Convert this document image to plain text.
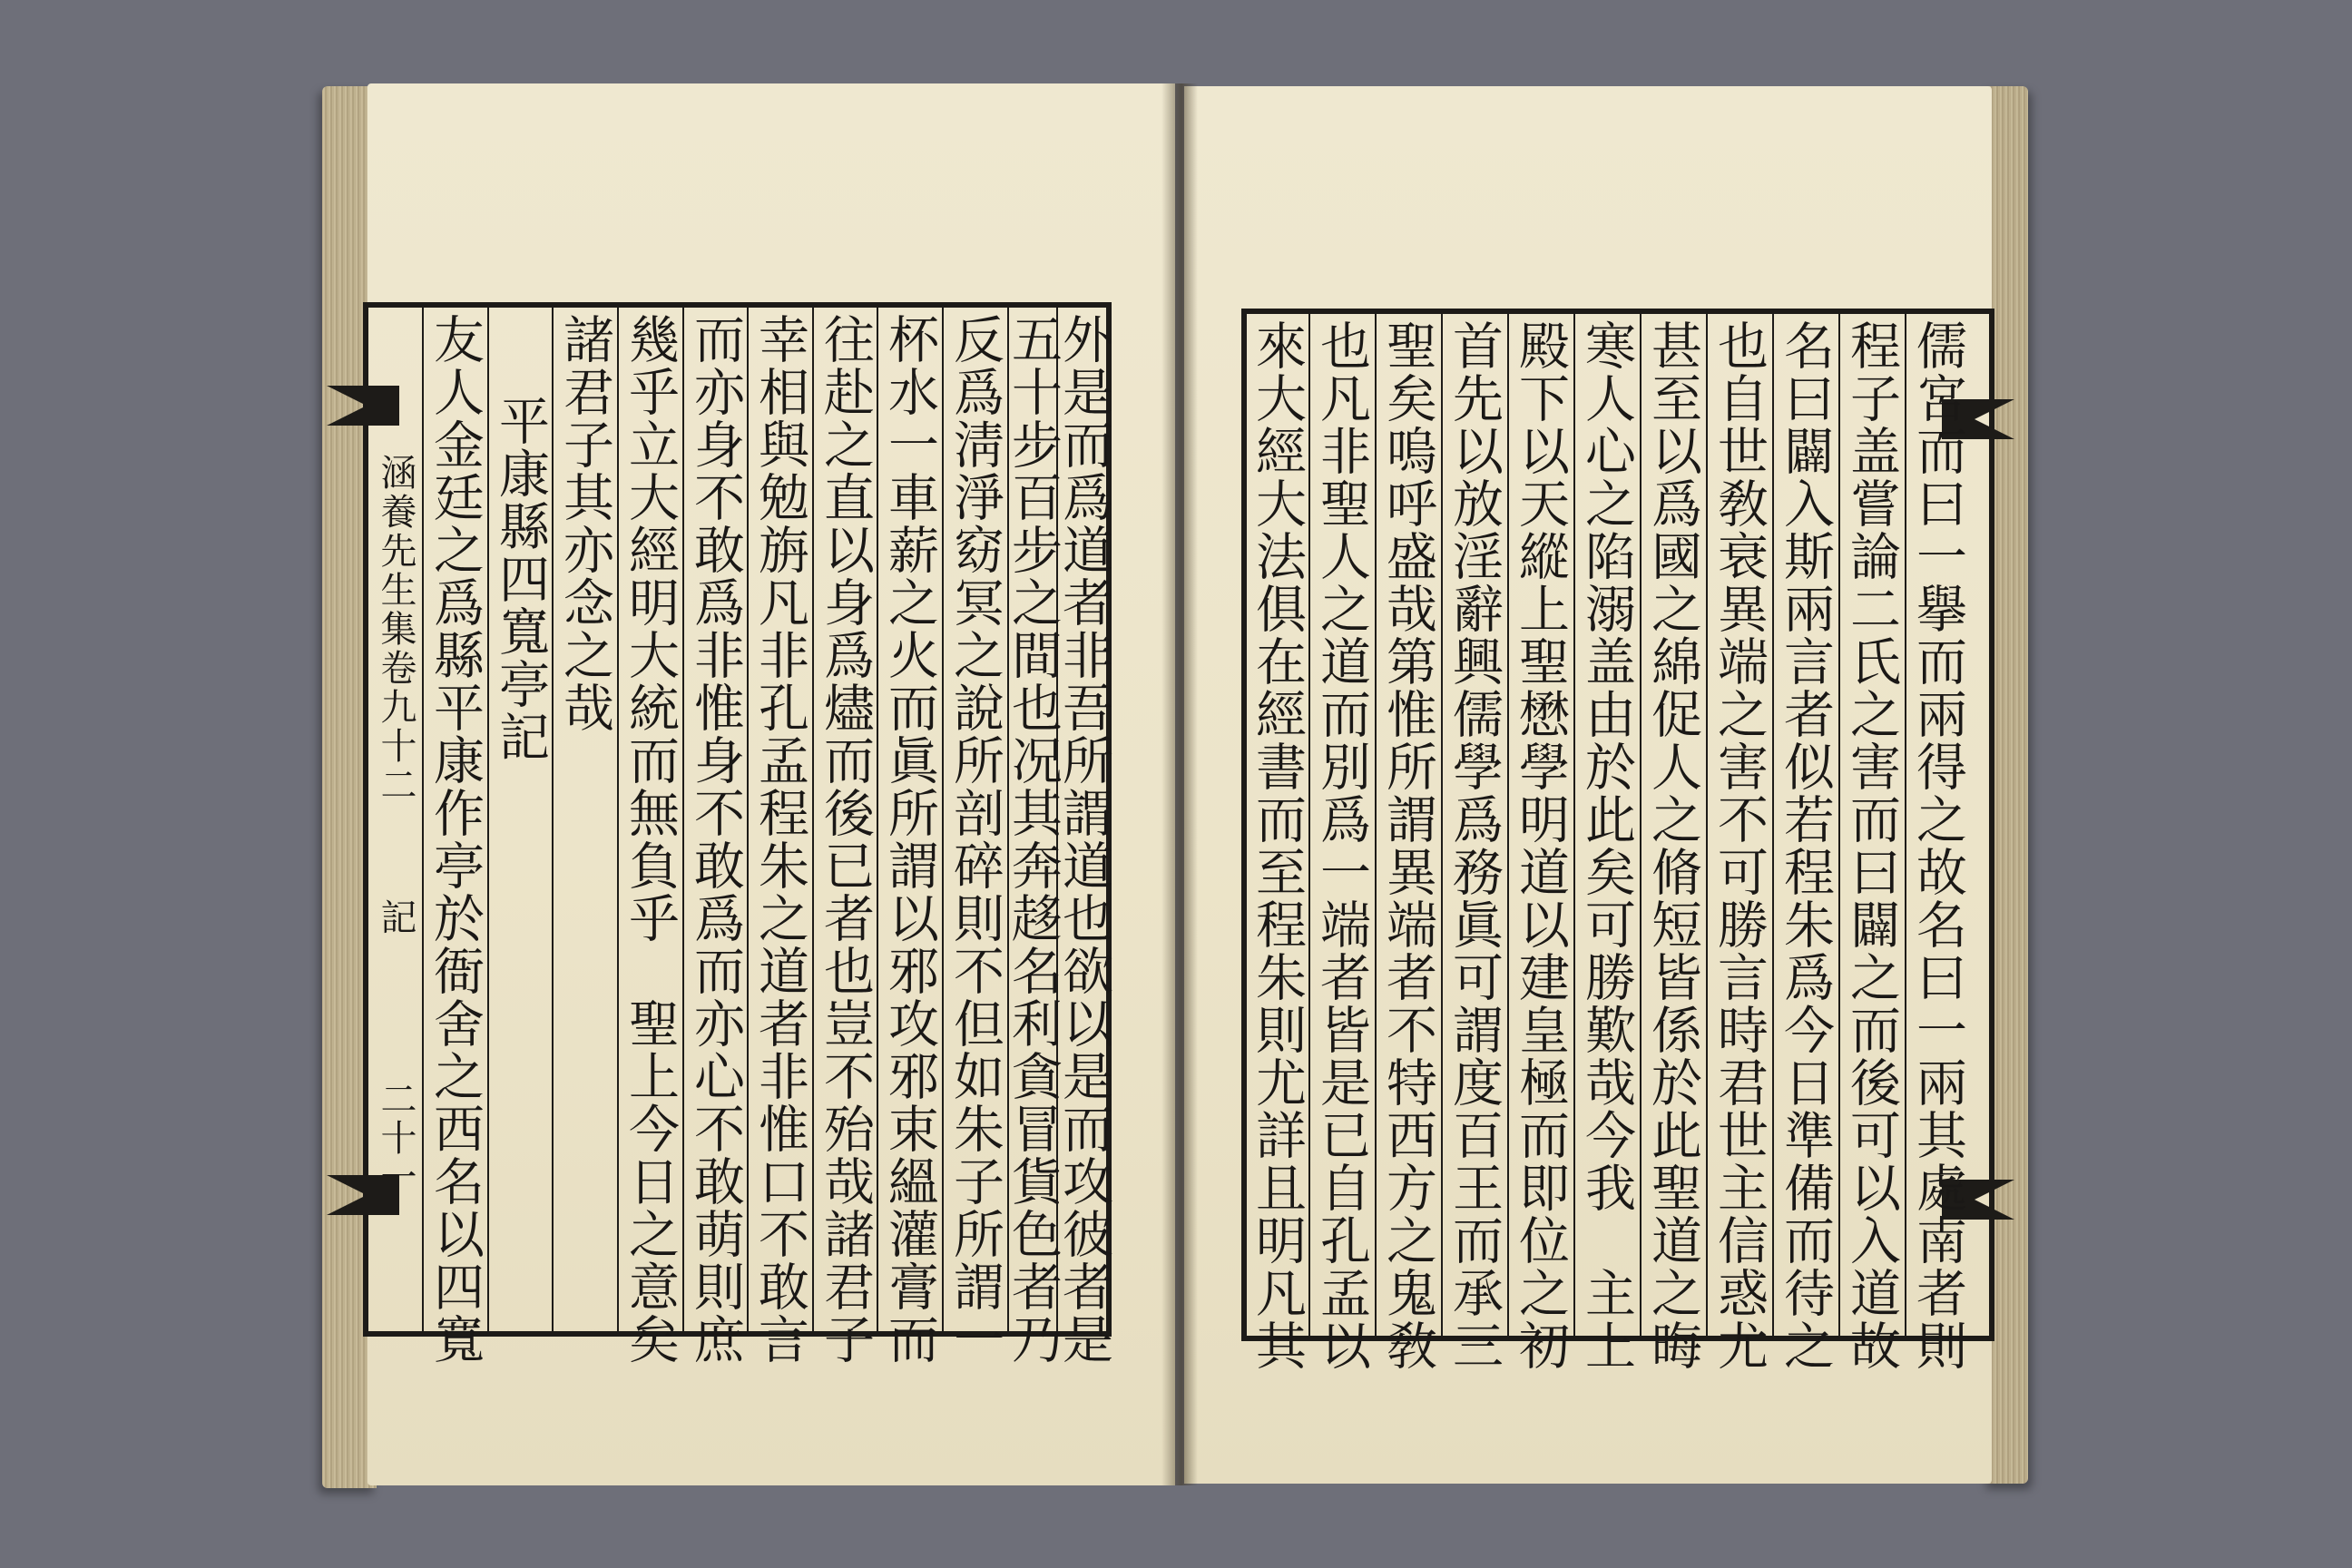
涵養先生集卷九十二
記
二十一	外是而爲道者非吾所謂道也欲以是而攻彼者是
五十步百步之間也况其奔趍名利貪冒貨色者乃
反爲淸淨窈冥之說所剖碎則不但如朱子所謂一
杯水一車薪之火而眞所謂以邪攻邪束縕灌膏而
往赴之直以身爲燼而後已者也豈不殆哉諸君子
幸相與勉旃凡非孔孟程朱之道者非惟口不敢言
而亦身不敢爲非惟身不敢爲而亦心不敢萌則庶
幾乎立大經明大統而無負乎　聖上今日之意矣
諸君子其亦念之哉
平康縣四寬亭記
友人金廷之爲縣平康作亭於衙舍之西名以四寬	儒宮而曰一擧而兩得之故名曰一兩其處南者則
程子盖嘗論二氏之害而曰闢之而後可以入道故
名曰闢入斯兩言者似若程朱爲今日準備而待之
也自世敎衰異端之害不可勝言時君世主信惑尤
甚至以爲國之綿促人之脩短皆係於此聖道之晦
寒人心之陷溺盖由於此矣可勝歎哉今我　主上
殿下以天縱上聖懋學明道以建皇極而即位之初
首先以放淫辭興儒學爲務眞可謂度百王而承三
聖矣嗚呼盛哉第惟所謂異端者不特西方之鬼敎
也凡非聖人之道而別爲一端者皆是已自孔孟以
來大經大法俱在經書而至程朱則尤詳且明凡其
